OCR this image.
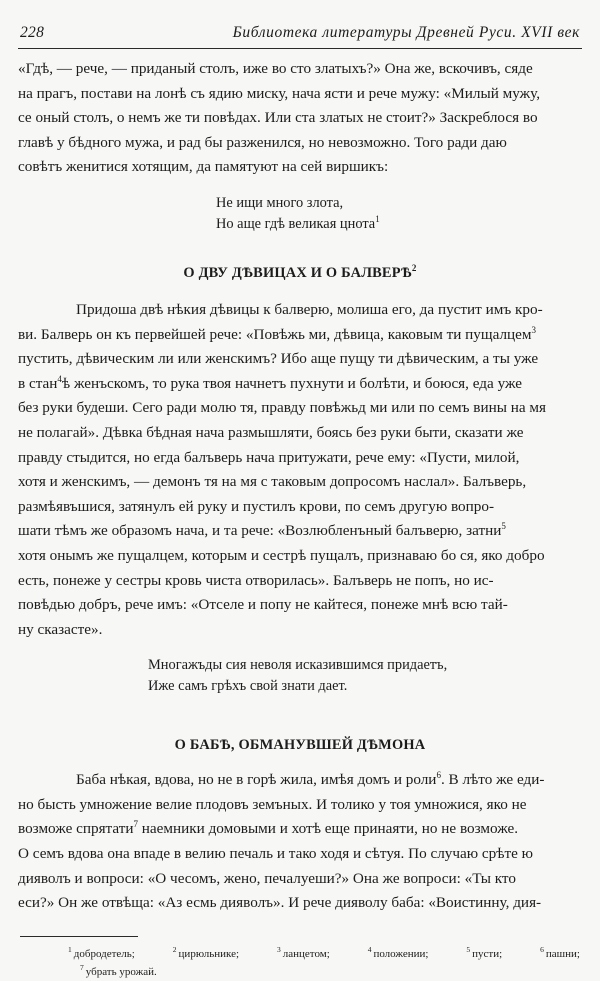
228	Библиотека литературы Древней Руси. XVII век

«Гдѣ, — рече, — приданый столъ, иже во сто златыхъ?» Она же, вскочивъ, сяде
на прагъ, постави на лонѣ съ ядию миску, нача ясти и рече мужу: «Милый мужу,
се оный столъ, о немъ же ти повѣдах. Или ста златых не стоит?» Заскреблося во
главѣ у бѣдного мужа, и рад бы разженился, но невозможно. Того ради даю
совѣтъ женитися хотящим, да памятуют на сей виршикъ:

Не ищи много злота,
Но аще гдѣ великая цнота$^1$
О ДВУ ДѢВИЦАХ И О БАЛВЕРѢ$^2$

Придоша двѣ нѣкия дѣвицы к балверю, молиша его, да пустит имъ кро-
ви. Балверь он къ первейшей рече: «Повѣжь ми, дѣвица, каковым ти пущалцем$^3$
пустить, дѣвическим ли или женскимъ? Ибо аще пущу ти дѣвическим, а ты уже
в стан$^4$ѣ женъскомъ, то рука твоя начнетъ пухнути и болѣти, и боюся, еда уже
без руки будеши. Сего ради молю тя, правду повѣжьд ми или по семъ вины на мя
не полагай». Дѣвка бѣдная нача размышляти, боясь без руки быти, сказати же
правду стыдится, но егда балъверь нача притужати, рече ему: «Пусти, милой,
хотя и женскимъ, — демонъ тя на мя с таковым допросомъ наслал». Балъверь,
размѣявъшися, затянулъ ей руку и пустилъ крови, по семъ другую вопро-
шати тѣмъ же образомъ нача, и та рече: «Возлюбленъный балъверю, затни$^5$
хотя онымъ же пущалцем, которым и сестрѣ пущалъ, признаваю бо ся, яко добро
есть, понеже у сестры кровь чиста отворилась». Балъверь не попъ, но ис-
повѣдью добръ, рече имъ: «Отселе и попу не кайтеся, понеже мнѣ всю тай-
ну сказасте».

Многажъды сия неволя исказившимся придаетъ,
Иже самъ грѣхъ свой знати дает.
О БАБѢ, ОБМАНУВШЕЙ ДѢМОНА

Баба нѣкая, вдова, но не в горѣ жила, имѣя домъ и роли$^6$. В лѣто же еди-
но бысть умножение велие плодовъ земъных. И толико у тоя умножися, яко не
возможе спрятати$^7$ наемники домовыми и хотѣ еще принаяти, но не возможе.
О семъ вдова она впаде в велию печаль и тако ходя и сѣтуя. По случаю срѣте ю
дияволъ и вопроси: «О чесомъ, жено, печалуеши?» Она же вопроси: «Ты кто
еси?» Он же отвѣща: «Аз есмь дияволъ». И рече дияволу баба: «Воистинну, дия-

$^1$ добродетель;	$^2$ цирюльнике;	$^3$ ланцетом;	$^4$ положении;	$^5$ пусти;	$^6$ пашни;
$^7$ убрать урожай.
